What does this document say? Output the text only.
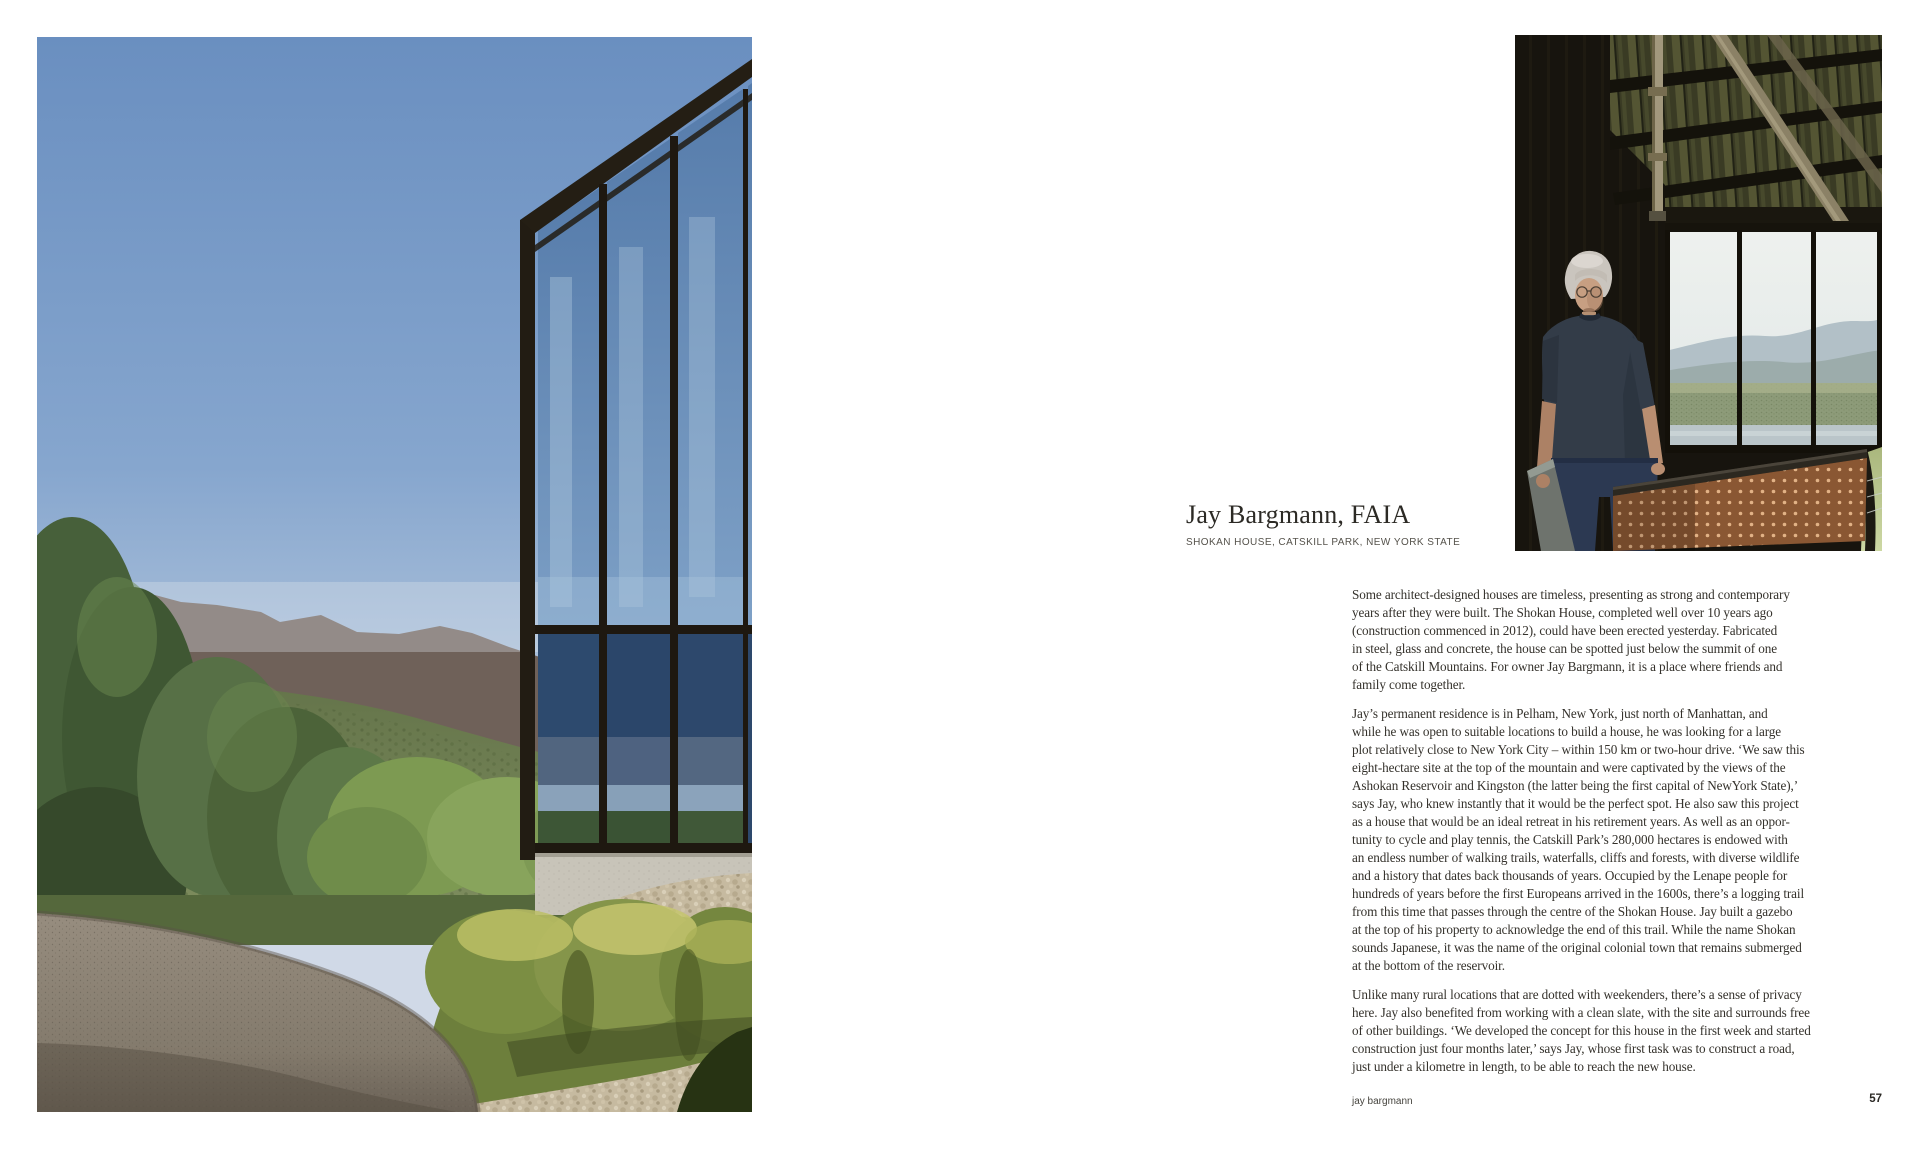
Jay Bargmann, FAIA
SHOKAN HOUSE, CATSKILL PARK, NEW YORK STATE
Some architect-designed houses are timeless, presenting as strong and contemporary
years after they were built. The Shokan House, completed well over 10 years ago
(construction commenced in 2012), could have been erected yesterday. Fabricated
in steel, glass and concrete, the house can be spotted just below the summit of one
of the Catskill Mountains. For owner Jay Bargmann, it is a place where friends and
family come together.
Jay’s permanent residence is in Pelham, New York, just north of Manhattan, and
while he was open to suitable locations to build a house, he was looking for a large
plot relatively close to New York City – within 150 km or two-hour drive. ‘We saw this
eight-hectare site at the top of the mountain and were captivated by the views of the
Ashokan Reservoir and Kingston (the latter being the first capital of NewYork State),’
says Jay, who knew instantly that it would be the perfect spot. He also saw this project
as a house that would be an ideal retreat in his retirement years. As well as an oppor-
tunity to cycle and play tennis, the Catskill Park’s 280,000 hectares is endowed with
an endless number of walking trails, waterfalls, cliffs and forests, with diverse wildlife
and a history that dates back thousands of years. Occupied by the Lenape people for
hundreds of years before the first Europeans arrived in the 1600s, there’s a logging trail
from this time that passes through the centre of the Shokan House. Jay built a gazebo
at the top of his property to acknowledge the end of this trail. While the name Shokan
sounds Japanese, it was the name of the original colonial town that remains submerged
at the bottom of the reservoir.
Unlike many rural locations that are dotted with weekenders, there’s a sense of privacy
here. Jay also benefited from working with a clean slate, with the site and surrounds free
of other buildings. ‘We developed the concept for this house in the first week and started
construction just four months later,’ says Jay, whose first task was to construct a road,
just under a kilometre in length, to be able to reach the new house.
jay bargmann	57
